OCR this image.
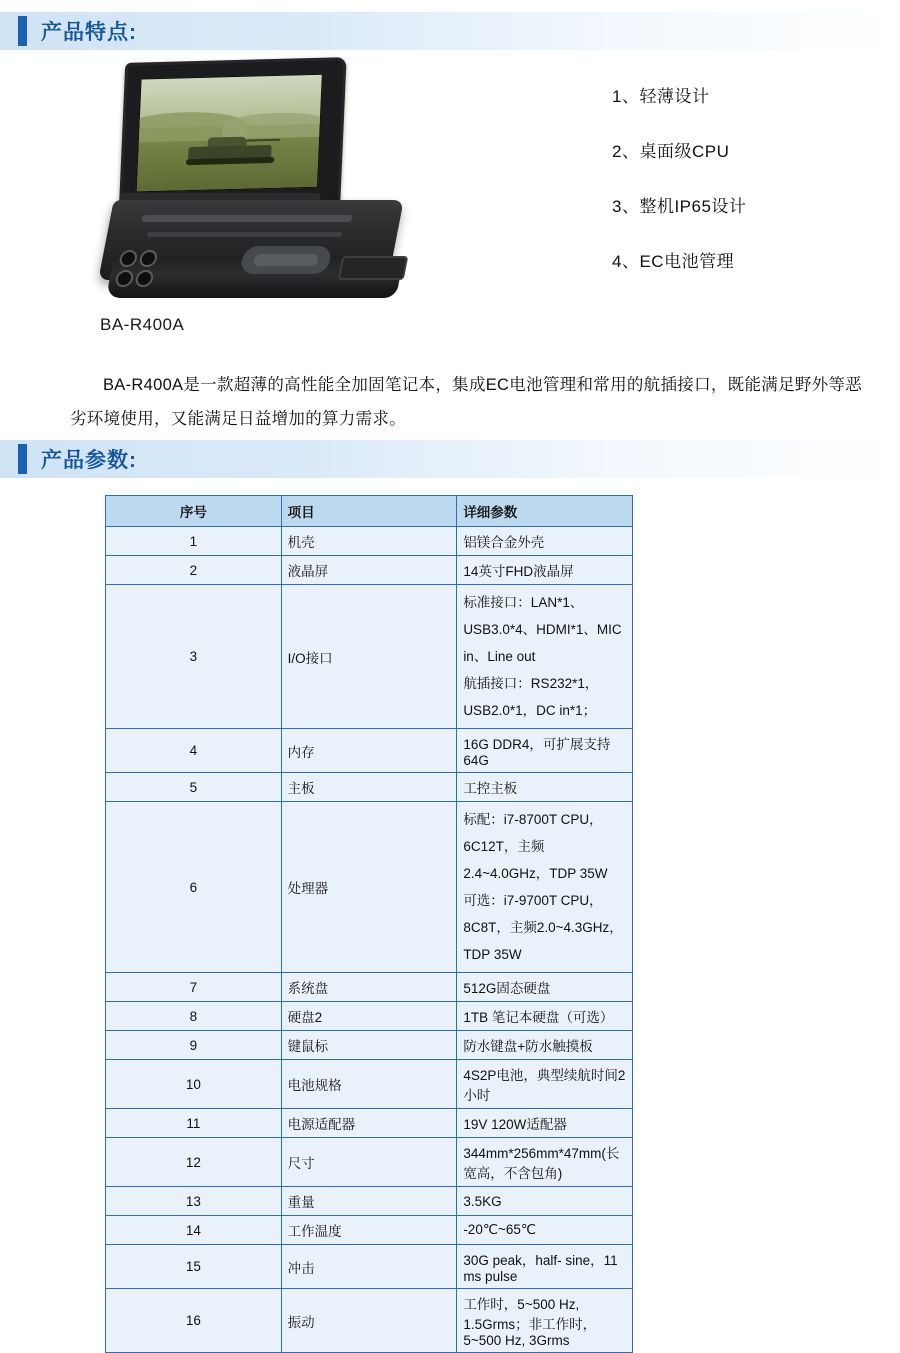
产品特点:
BA-R400A
1、轻薄设计
2、桌面级CPU
3、整机IP65设计
4、EC电池管理
BA-R400A是一款超薄的高性能全加固笔记本，集成EC电池管理和常用的航插接口，既能满足野外等恶劣环境使用，又能满足日益增加的算力需求。
产品参数:
序号	项目	详细参数
1	机壳	铝镁合金外壳
2	液晶屏	14英寸FHD液晶屏
3	I/O接口	标准接口：LAN*1、USB3.0*4、HDMI*1、MIC in、Line out
航插接口：RS232*1，USB2.0*1，DC in*1；

4	内存	16G DDR4，可扩展支持64G
5	主板	工控主板
6	处理器	标配：i7-8700T CPU，6C12T，主频2.4~4.0GHz，TDP 35W
可选：i7-9700T CPU，8C8T，主频2.0~4.3GHz，TDP 35W

7	系统盘	512G固态硬盘
8	硬盘2	1TB 笔记本硬盘（可选）
9	键鼠标	防水键盘+防水触摸板
10	电池规格	4S2P电池，典型续航时间2小时
11	电源适配器	19V 120W适配器
12	尺寸	344mm*256mm*47mm(长宽高，不含包角)
13	重量	3.5KG
14	工作温度	-20℃~65℃
15	冲击	30G peak，half- sine，11 ms pulse
16	振动	工作时，5~500 Hz, 1.5Grms；非工作时，5~500 Hz, 3Grms
